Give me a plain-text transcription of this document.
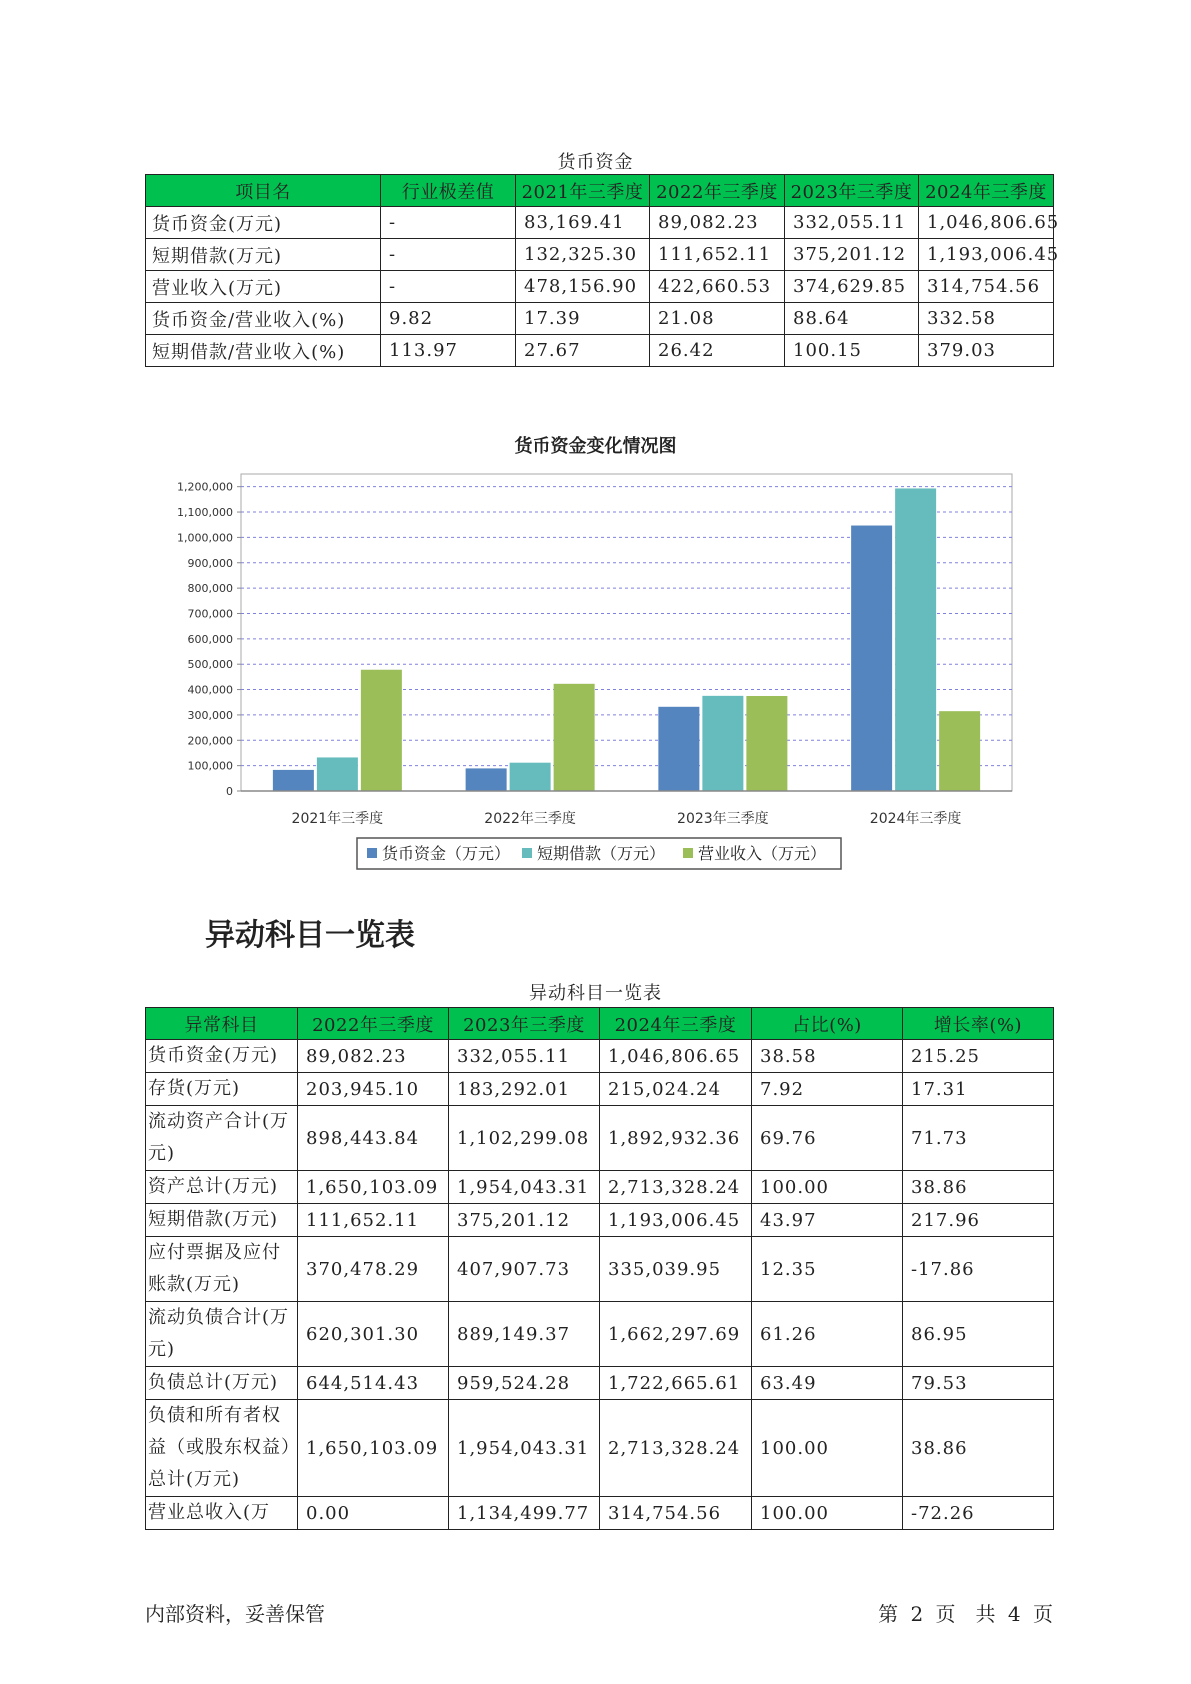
货币资金
项目名	行业极差值	2021年三季度	2022年三季度	2023年三季度	2024年三季度
货币资金(万元)	-	83,169.41	89,082.23	332,055.11	1,046,806.65
短期借款(万元)	-	132,325.30	111,652.11	375,201.12	1,193,006.45
营业收入(万元)	-	478,156.90	422,660.53	374,629.85	314,754.56
货币资金/营业收入(%)	9.82	17.39	21.08	88.64	332.58
短期借款/营业收入(%)	113.97	27.67	26.42	100.15	379.03
货币资金变化情况图
0
100,000
200,000
300,000
400,000
500,000
600,000
700,000
800,000
900,000
1,000,000
1,100,000
1,200,000
2021年三季度	2022年三季度	2023年三季度	2024年三季度
货币资金（万元） 短期借款（万元） 营业收入（万元）
异动科目一览表
异动科目一览表
异常科目	2022年三季度	2023年三季度	2024年三季度	占比(%)	增长率(%)
货币资金(万元)	89,082.23	332,055.11	1,046,806.65	38.58	215.25
存货(万元)	203,945.10	183,292.01	215,024.24	7.92	17.31
流动资产合计(万元)	898,443.84	1,102,299.08	1,892,932.36	69.76	71.73
资产总计(万元)	1,650,103.09	1,954,043.31	2,713,328.24	100.00	38.86
短期借款(万元)	111,652.11	375,201.12	1,193,006.45	43.97	217.96
应付票据及应付账款(万元)	370,478.29	407,907.73	335,039.95	12.35	-17.86
流动负债合计(万元)	620,301.30	889,149.37	1,662,297.69	61.26	86.95
负债总计(万元)	644,514.43	959,524.28	1,722,665.61	63.49	79.53
负债和所有者权益（或股东权益）总计(万元)	1,650,103.09	1,954,043.31	2,713,328.24	100.00	38.86
营业总收入(万	0.00	1,134,499.77	314,754.56	100.00	-72.26
内部资料，妥善保管	第 2 页　共 4 页
